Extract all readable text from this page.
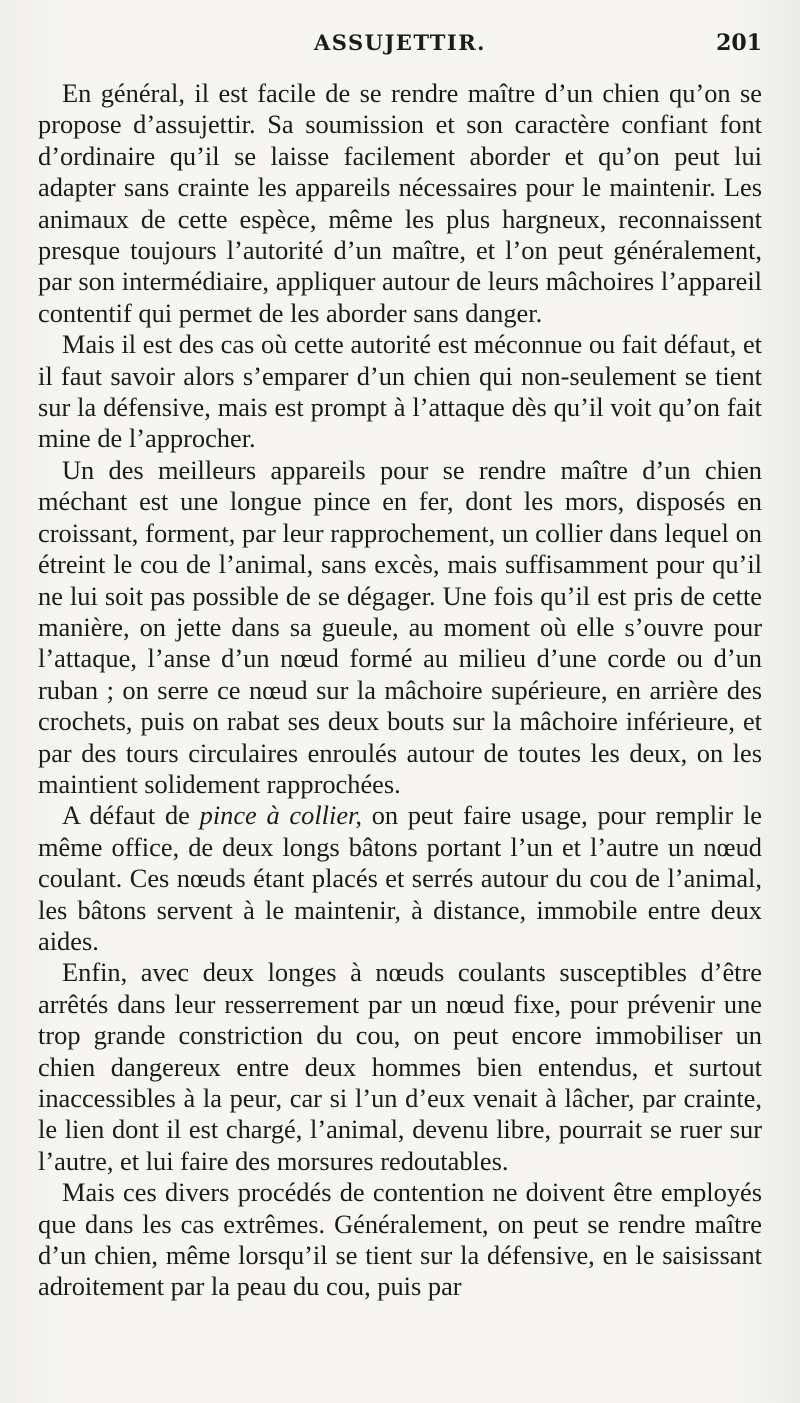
ASSUJETTIR.	201

En général, il est facile de se rendre maître d’un chien qu’on se propose d’assujettir. Sa soumission et son caractère confiant font d’ordinaire qu’il se laisse facilement aborder et qu’on peut lui adapter sans crainte les appareils nécessaires pour le maintenir. Les animaux de cette espèce, même les plus hargneux, reconnaissent presque toujours l’autorité d’un maître, et l’on peut généralement, par son intermédiaire, appliquer autour de leurs mâchoires l’appareil contentif qui permet de les aborder sans danger.

Mais il est des cas où cette autorité est méconnue ou fait défaut, et il faut savoir alors s’emparer d’un chien qui non-seulement se tient sur la défensive, mais est prompt à l’attaque dès qu’il voit qu’on fait mine de l’approcher.

Un des meilleurs appareils pour se rendre maître d’un chien méchant est une longue pince en fer, dont les mors, disposés en croissant, forment, par leur rapprochement, un collier dans lequel on étreint le cou de l’animal, sans excès, mais suffisamment pour qu’il ne lui soit pas possible de se dégager. Une fois qu’il est pris de cette manière, on jette dans sa gueule, au moment où elle s’ouvre pour l’attaque, l’anse d’un nœud formé au milieu d’une corde ou d’un ruban ; on serre ce nœud sur la mâchoire supérieure, en arrière des crochets, puis on rabat ses deux bouts sur la mâchoire inférieure, et par des tours circulaires enroulés autour de toutes les deux, on les maintient solidement rapprochées.

A défaut de pince à collier, on peut faire usage, pour remplir le même office, de deux longs bâtons portant l’un et l’autre un nœud coulant. Ces nœuds étant placés et serrés autour du cou de l’animal, les bâtons servent à le maintenir, à distance, immobile entre deux aides.

Enfin, avec deux longes à nœuds coulants susceptibles d’être arrêtés dans leur resserrement par un nœud fixe, pour prévenir une trop grande constriction du cou, on peut encore immobiliser un chien dangereux entre deux hommes bien entendus, et surtout inaccessibles à la peur, car si l’un d’eux venait à lâcher, par crainte, le lien dont il est chargé, l’animal, devenu libre, pourrait se ruer sur l’autre, et lui faire des morsures redoutables.

Mais ces divers procédés de contention ne doivent être employés que dans les cas extrêmes. Généralement, on peut se rendre maître d’un chien, même lorsqu’il se tient sur la défensive, en le saisissant adroitement par la peau du cou, puis par
